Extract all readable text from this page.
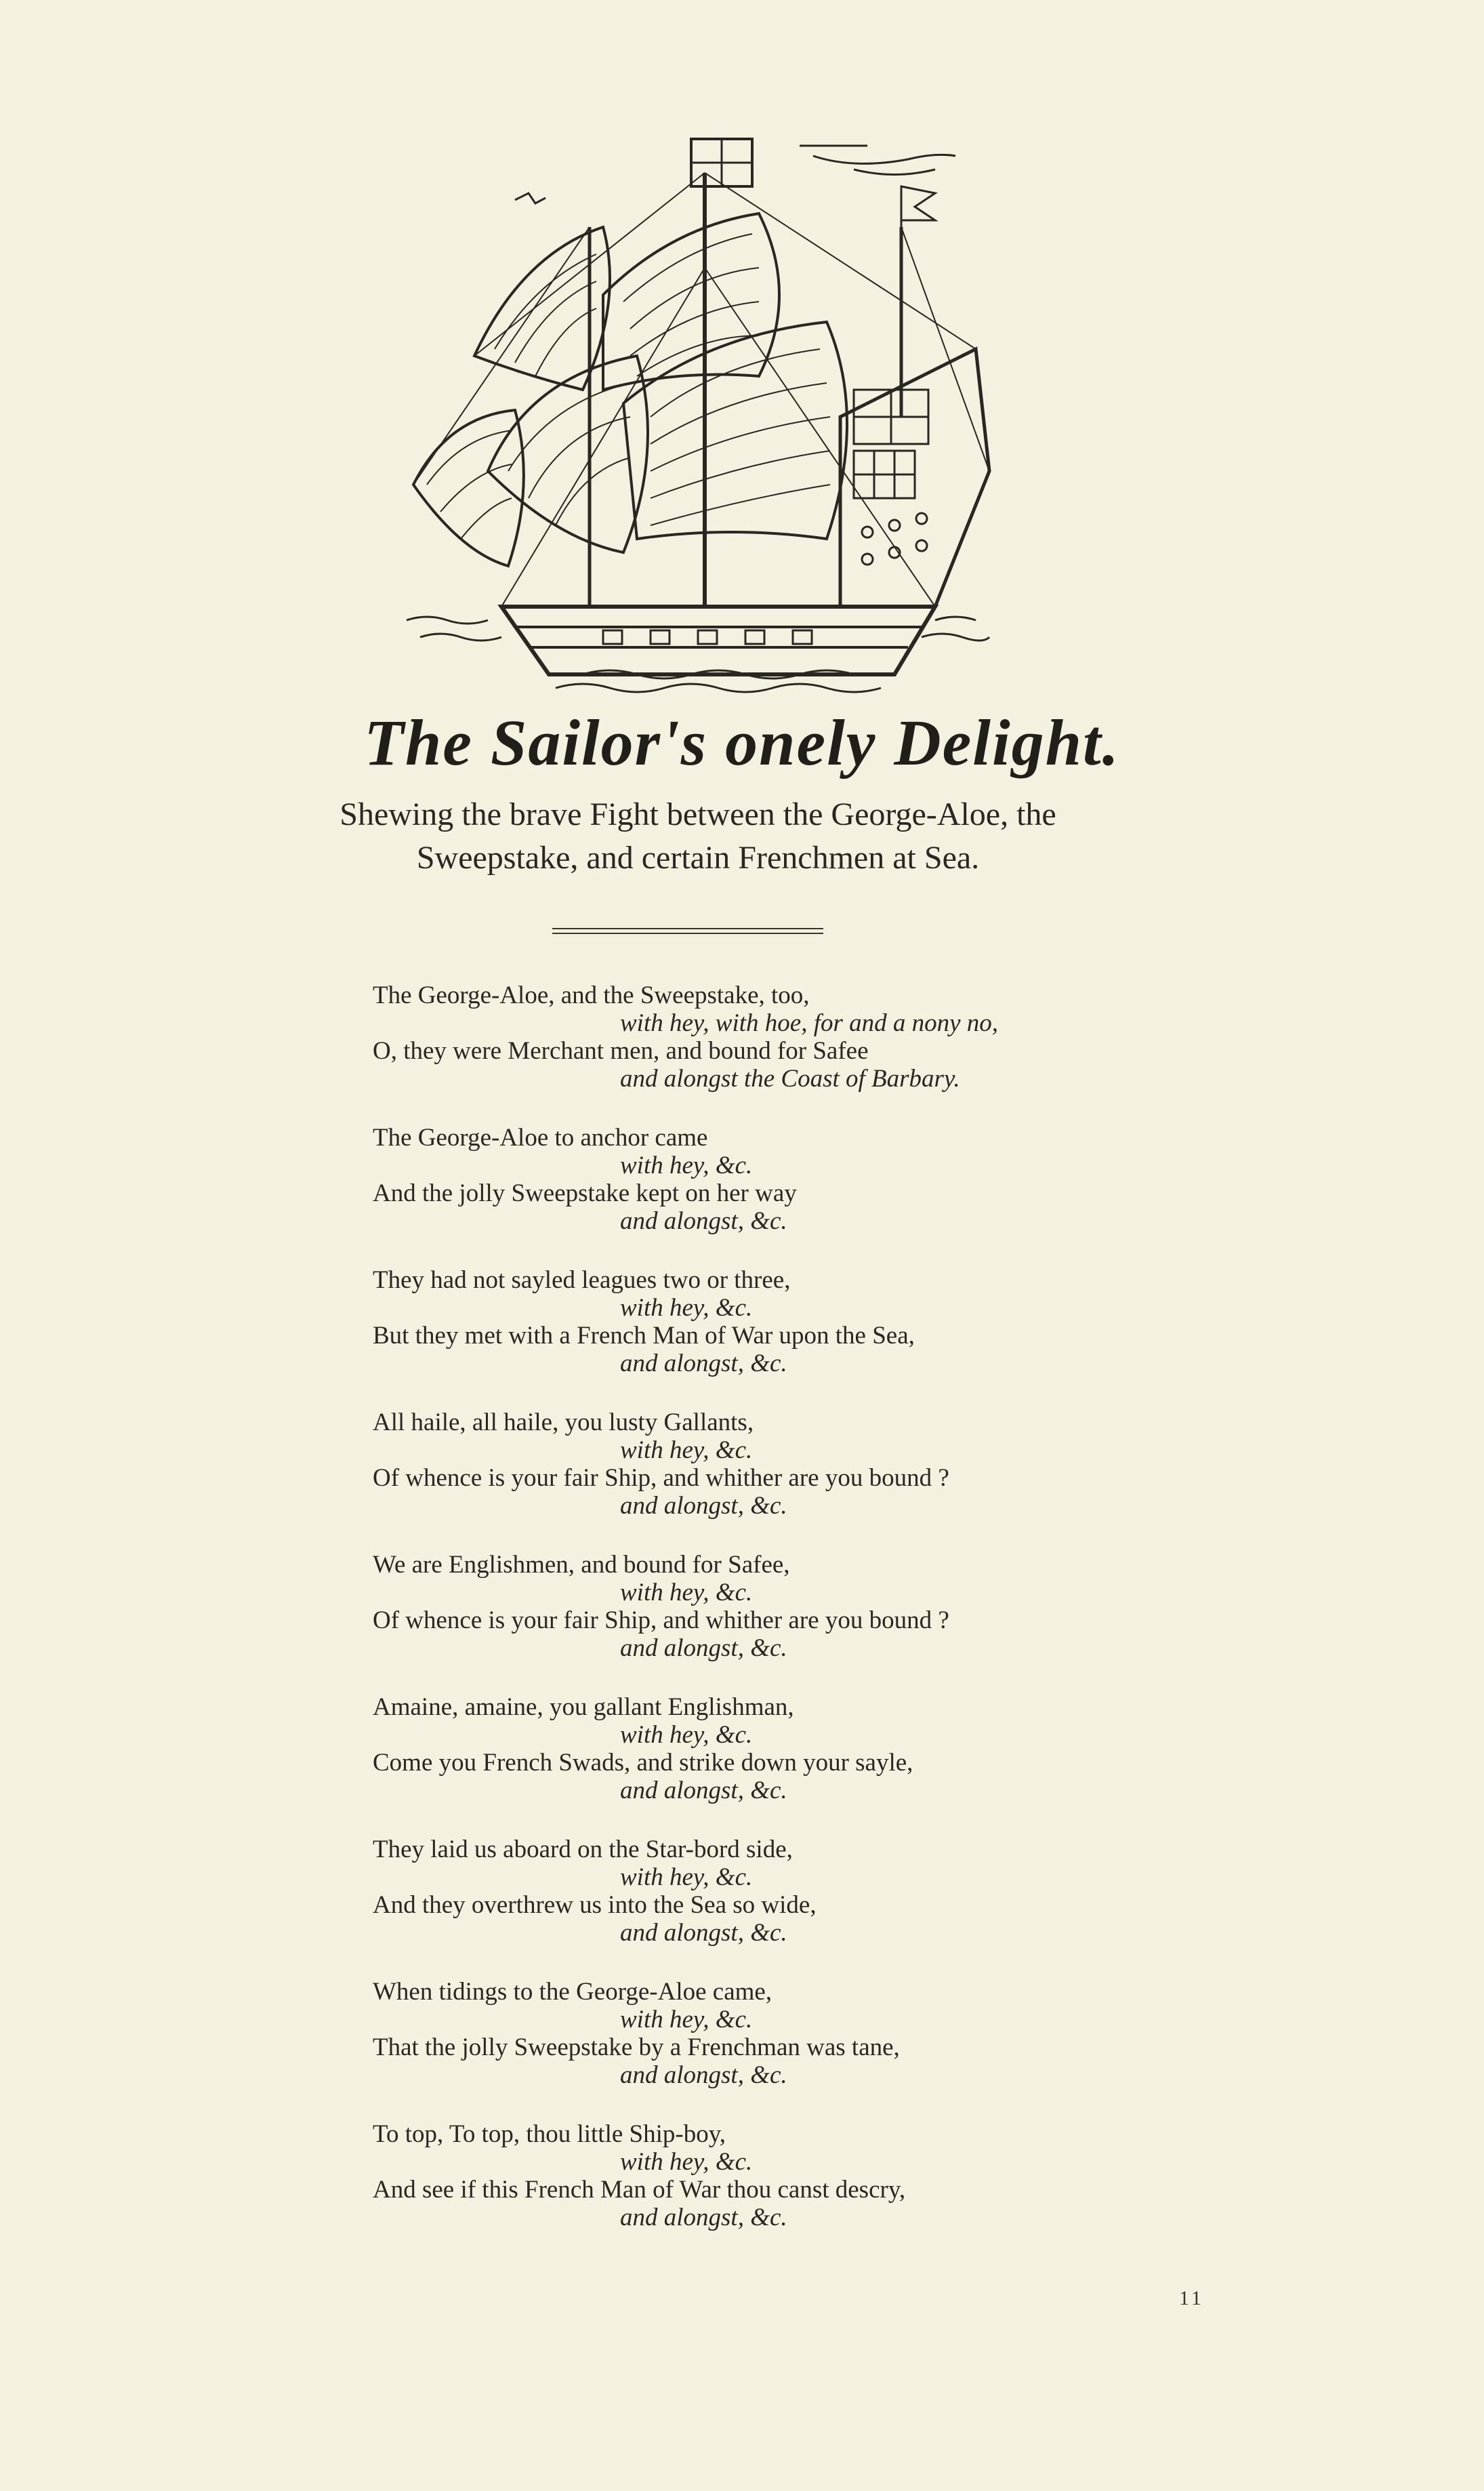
The Sailor's onely Delight.
Shewing the brave Fight between the George-Aloe, the Sweepstake, and certain Frenchmen at Sea.
The George-Aloe, and the Sweepstake, too,
with hey, with hoe, for and a nony no,
O, they were Merchant men, and bound for Safee
and alongst the Coast of Barbary.
The George-Aloe to anchor came
with hey, &c.
And the jolly Sweepstake kept on her way
and alongst, &c.
They had not sayled leagues two or three,
with hey, &c.
But they met with a French Man of War upon the Sea,
and alongst, &c.
All haile, all haile, you lusty Gallants,
with hey, &c.
Of whence is your fair Ship, and whither are you bound ?
and alongst, &c.
We are Englishmen, and bound for Safee,
with hey, &c.
Of whence is your fair Ship, and whither are you bound ?
and alongst, &c.
Amaine, amaine, you gallant Englishman,
with hey, &c.
Come you French Swads, and strike down your sayle,
and alongst, &c.
They laid us aboard on the Star-bord side,
with hey, &c.
And they overthrew us into the Sea so wide,
and alongst, &c.
When tidings to the George-Aloe came,
with hey, &c.
That the jolly Sweepstake by a Frenchman was tane,
and alongst, &c.
To top, To top, thou little Ship-boy,
with hey, &c.
And see if this French Man of War thou canst descry,
and alongst, &c.
11
